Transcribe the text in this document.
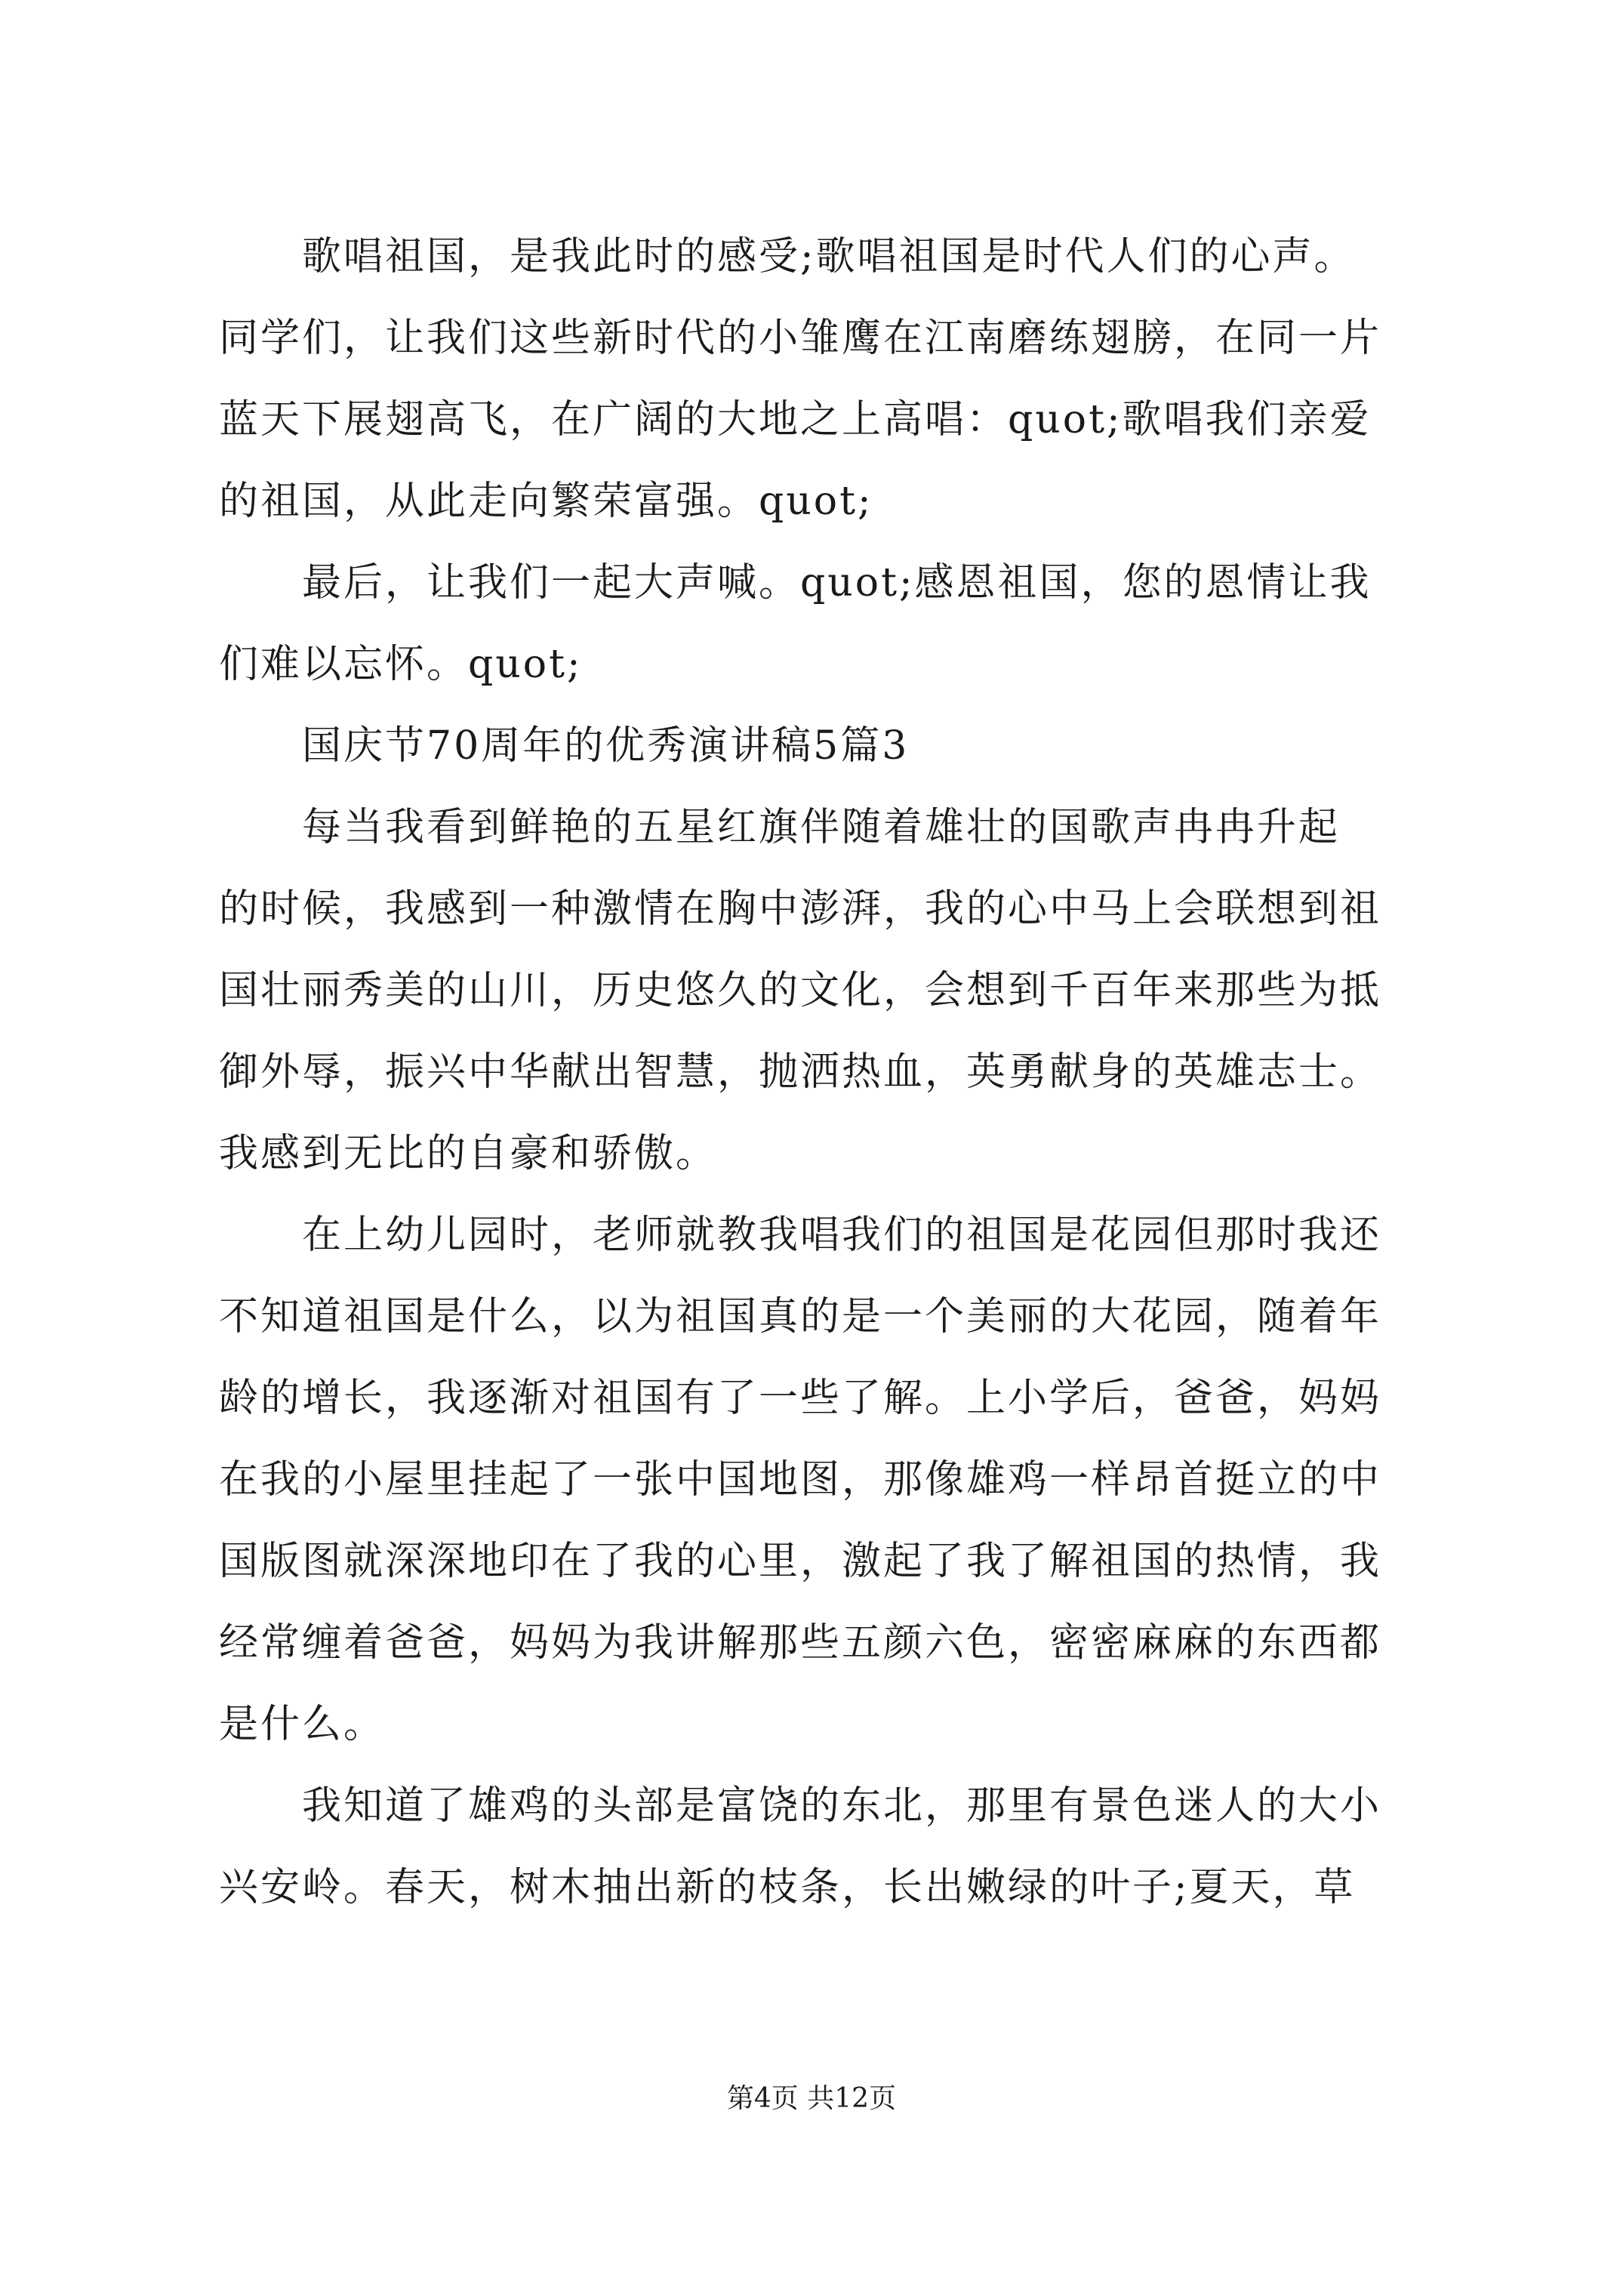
歌唱祖国，是我此时的感受;歌唱祖国是时代人们的心声。
同学们，让我们这些新时代的小雏鹰在江南磨练翅膀，在同一片
蓝天下展翅高飞，在广阔的大地之上高唱：quot;歌唱我们亲爱
的祖国，从此走向繁荣富强。quot;
最后，让我们一起大声喊。quot;感恩祖国，您的恩情让我
们难以忘怀。quot;
国庆节70周年的优秀演讲稿5篇3
每当我看到鲜艳的五星红旗伴随着雄壮的国歌声冉冉升起
的时候，我感到一种激情在胸中澎湃，我的心中马上会联想到祖
国壮丽秀美的山川，历史悠久的文化，会想到千百年来那些为抵
御外辱，振兴中华献出智慧，抛洒热血，英勇献身的英雄志士。
我感到无比的自豪和骄傲。
在上幼儿园时，老师就教我唱我们的祖国是花园但那时我还
不知道祖国是什么，以为祖国真的是一个美丽的大花园，随着年
龄的增长，我逐渐对祖国有了一些了解。上小学后，爸爸，妈妈
在我的小屋里挂起了一张中国地图，那像雄鸡一样昂首挺立的中
国版图就深深地印在了我的心里，激起了我了解祖国的热情，我
经常缠着爸爸，妈妈为我讲解那些五颜六色，密密麻麻的东西都
是什么。
我知道了雄鸡的头部是富饶的东北，那里有景色迷人的大小
兴安岭。春天，树木抽出新的枝条，长出嫩绿的叶子;夏天，草
第4页 共12页
